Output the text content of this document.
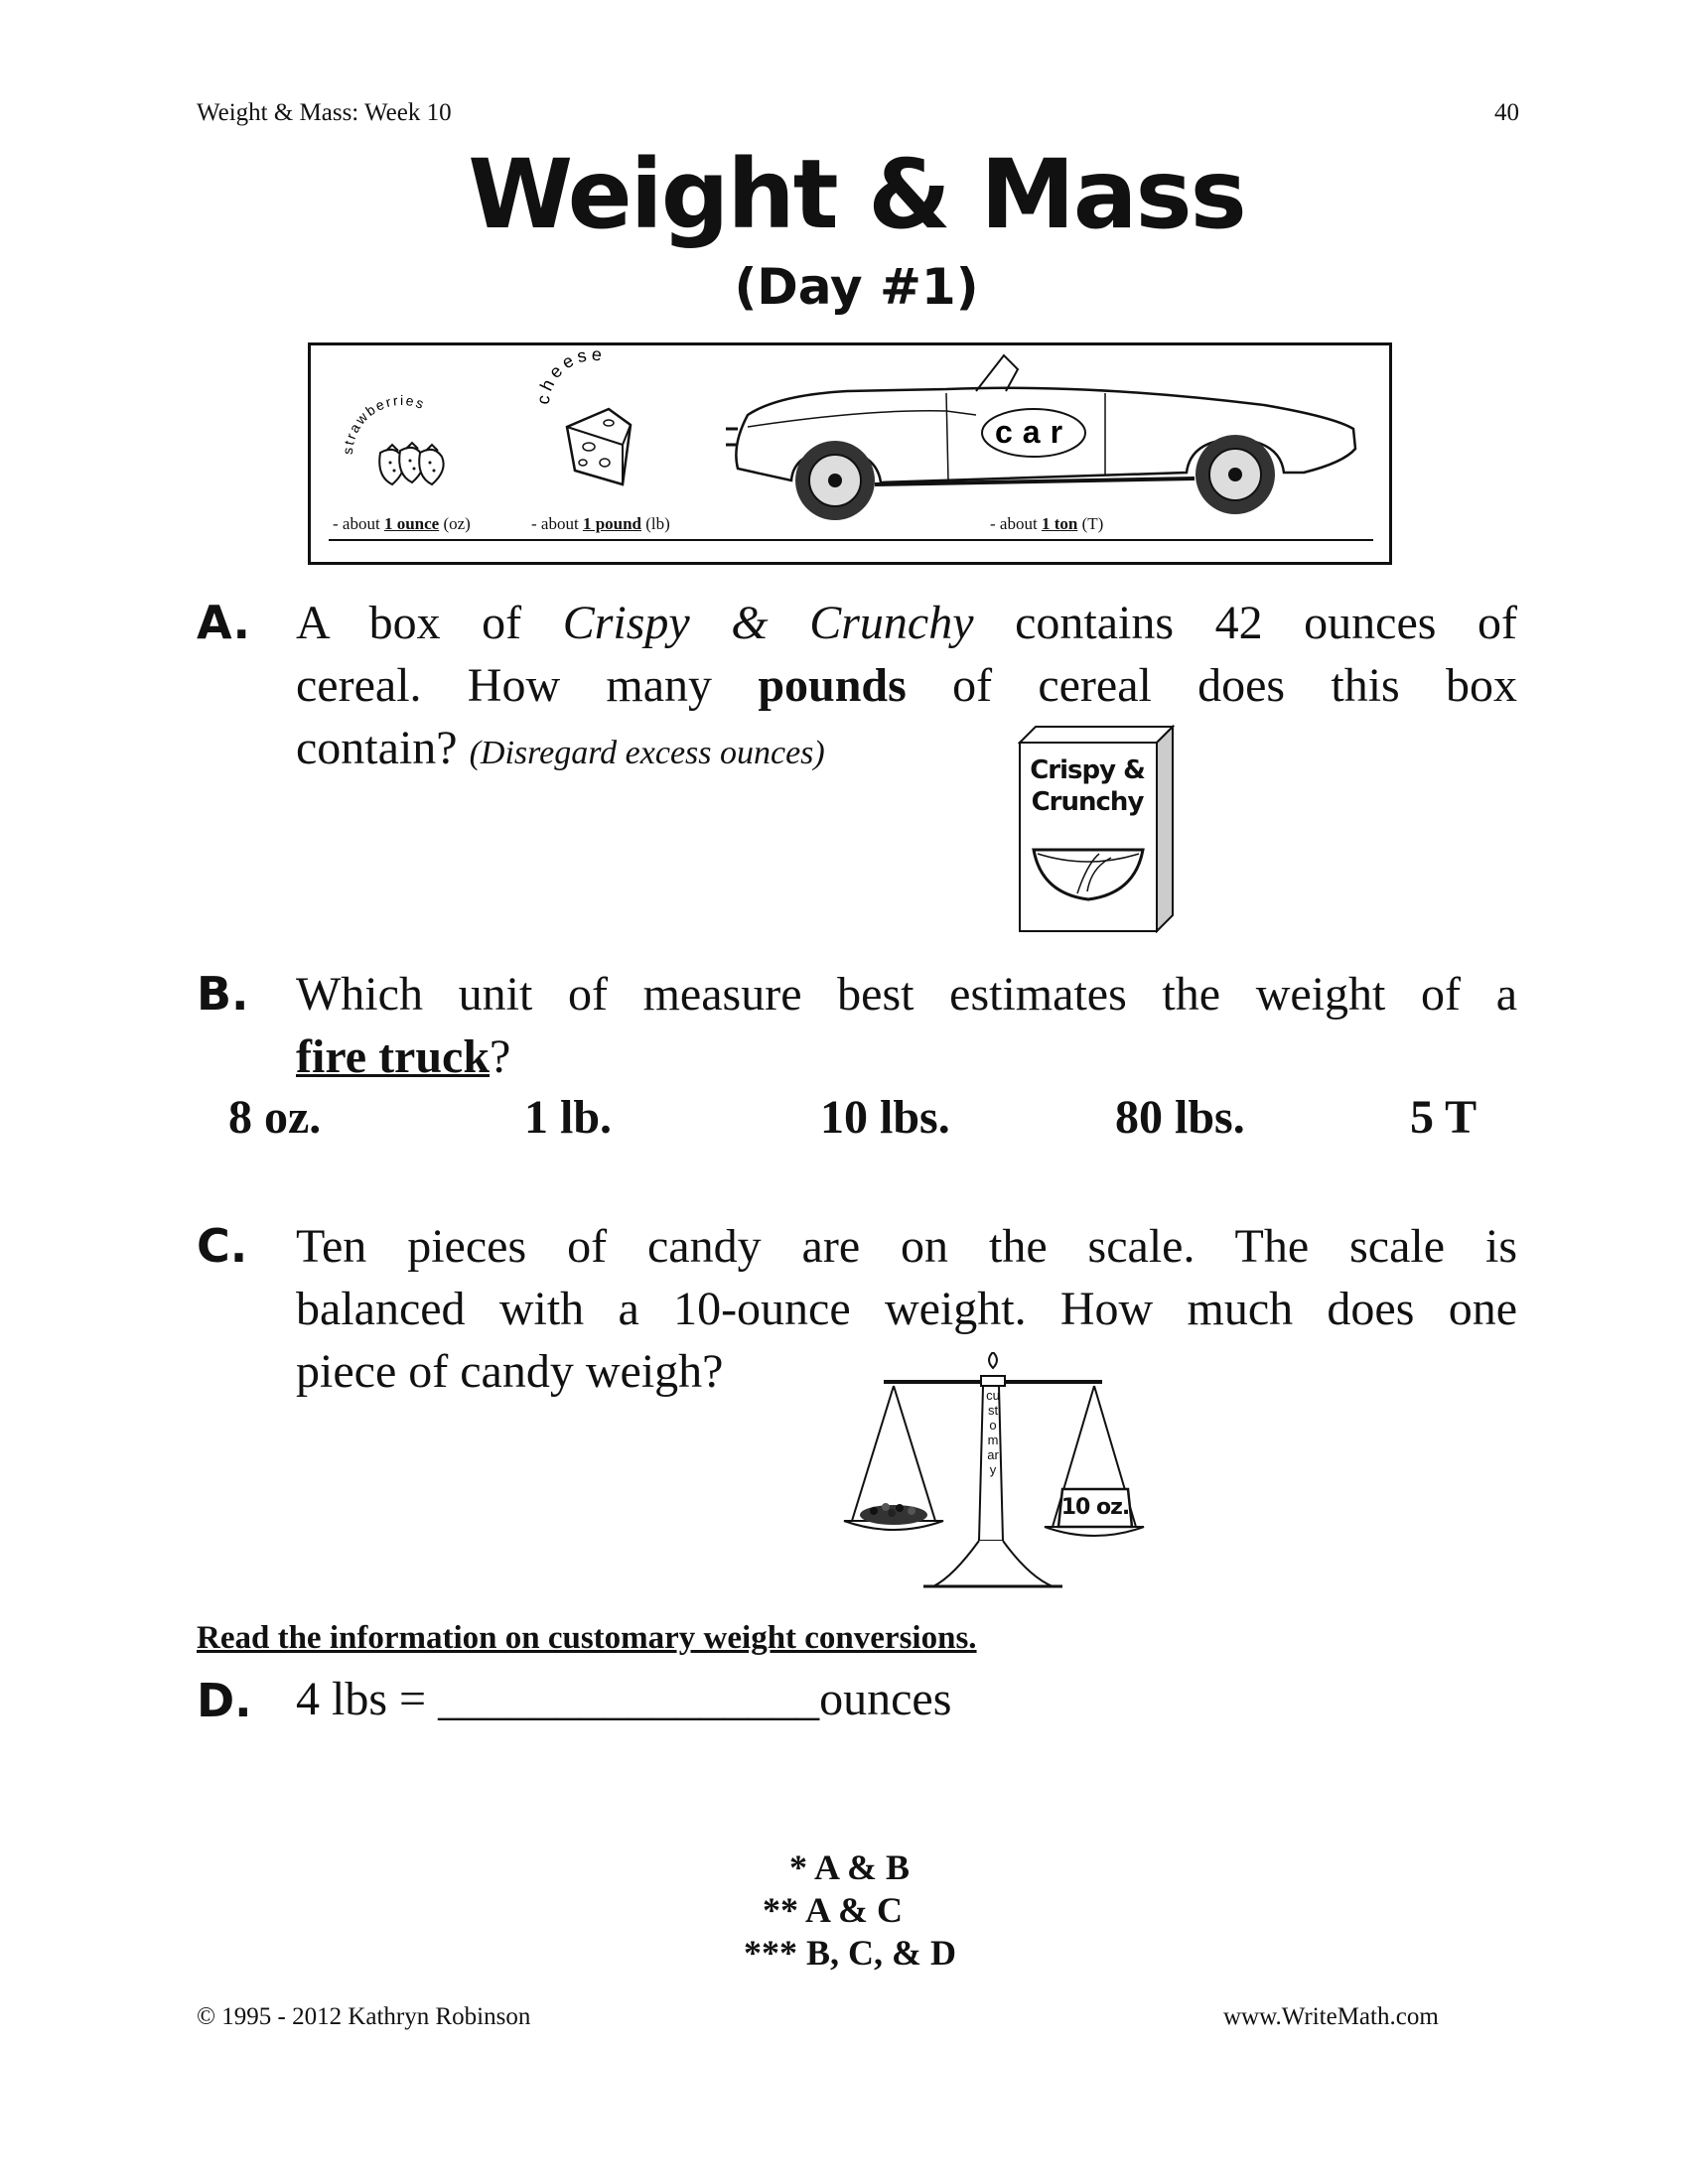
Weight & Mass: Week 10	40
Weight & Mass
(Day #1)
strawberries	cheese
car
- about 1 ounce (oz)	- about 1 pound (lb)	- about 1 ton (T)
A. A box of Crispy & Crunchy contains 42 ounces of
cereal. How many pounds of cereal does this box
contain? (Disregard excess ounces)	Crispy &
Crunchy
B. Which unit of measure best estimates the weight of a
fire truck?
8 oz.	1 lb.	10 lbs.	80 lbs.	5 T
C. Ten pieces of candy are on the scale. The scale is
balanced with a 10-ounce weight. How much does one
piece of candy weigh?	customary
10 oz.
Read the information on customary weight conversions.
D. 4 lbs = ________________ounces
* A & B
** A & C
*** B, C, & D
© 1995 - 2012 Kathryn Robinson	www.WriteMath.com
